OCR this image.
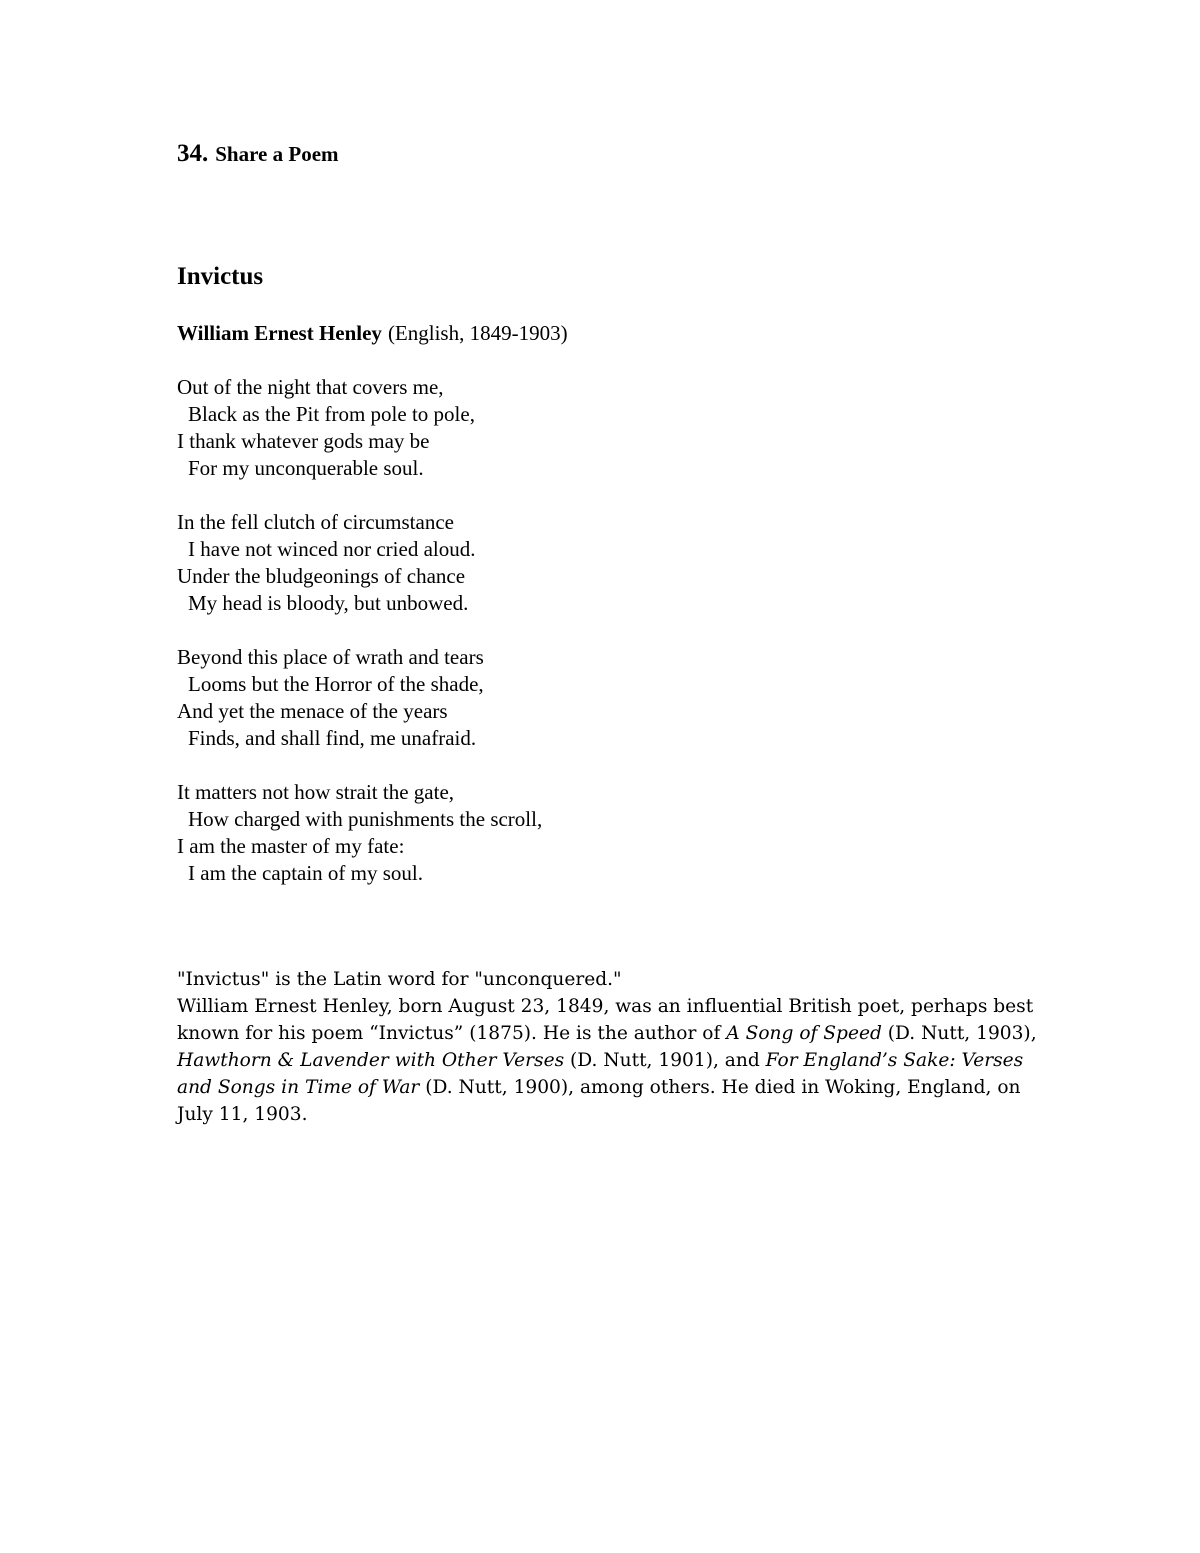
34. Share a Poem
Invictus
William Ernest Henley (English, 1849-1903)
Out of the night that covers me,
Black as the Pit from pole to pole,
I thank whatever gods may be
For my unconquerable soul.
In the fell clutch of circumstance
I have not winced nor cried aloud.
Under the bludgeonings of chance
My head is bloody, but unbowed.
Beyond this place of wrath and tears
Looms but the Horror of the shade,
And yet the menace of the years
Finds, and shall find, me unafraid.
It matters not how strait the gate,
How charged with punishments the scroll,
I am the master of my fate:
I am the captain of my soul.

"Invictus" is the Latin word for "unconquered."

William Ernest Henley, born August 23, 1849, was an influential British poet, perhaps best known for his poem “Invictus” (1875). He is the author of A Song of Speed (D. Nutt, 1903), Hawthorn & Lavender with Other Verses (D. Nutt, 1901), and For England’s Sake: Verses and Songs in Time of War (D. Nutt, 1900), among others. He died in Woking, England, on July 11, 1903.
